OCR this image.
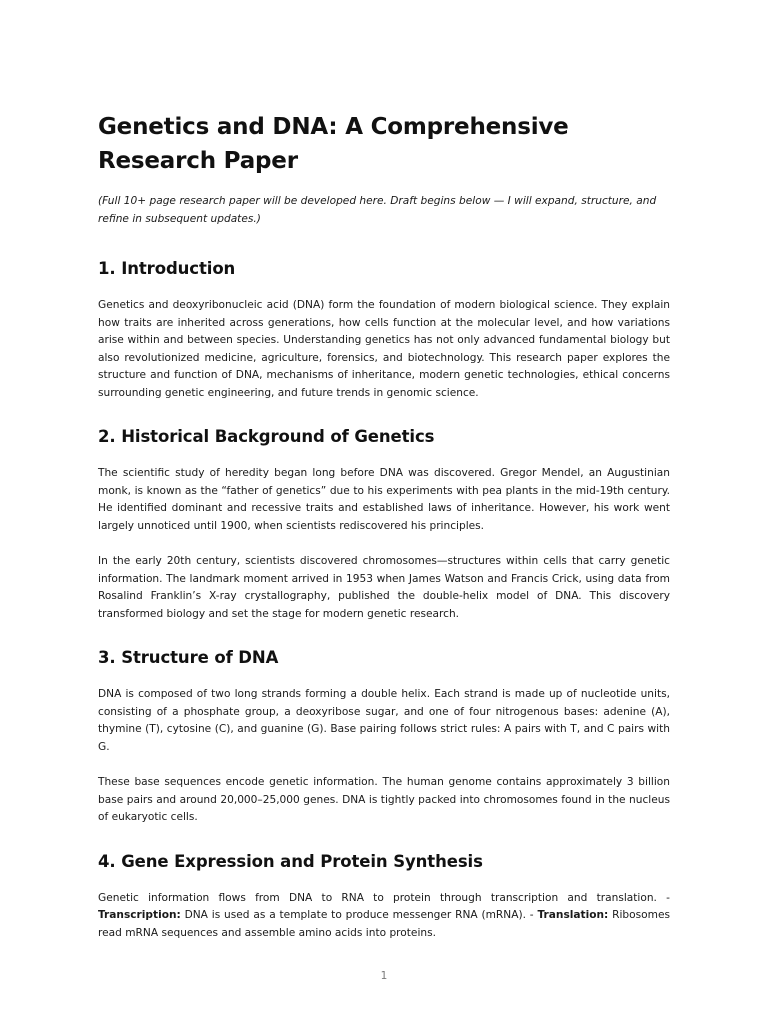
Genetics and DNA: A Comprehensive Research Paper

(Full 10+ page research paper will be developed here. Draft begins below — I will expand, structure, and refine in subsequent updates.)

1. Introduction

Genetics and deoxyribonucleic acid (DNA) form the foundation of modern biological science. They explain how traits are inherited across generations, how cells function at the molecular level, and how variations arise within and between species. Understanding genetics has not only advanced fundamental biology but also revolutionized medicine, agriculture, forensics, and biotechnology. This research paper explores the structure and function of DNA, mechanisms of inheritance, modern genetic technologies, ethical concerns surrounding genetic engineering, and future trends in genomic science.

2. Historical Background of Genetics

The scientific study of heredity began long before DNA was discovered. Gregor Mendel, an Augustinian monk, is known as the “father of genetics” due to his experiments with pea plants in the mid-19th century. He identified dominant and recessive traits and established laws of inheritance. However, his work went largely unnoticed until 1900, when scientists rediscovered his principles.

In the early 20th century, scientists discovered chromosomes—structures within cells that carry genetic information. The landmark moment arrived in 1953 when James Watson and Francis Crick, using data from Rosalind Franklin’s X-ray crystallography, published the double-helix model of DNA. This discovery transformed biology and set the stage for modern genetic research.

3. Structure of DNA

DNA is composed of two long strands forming a double helix. Each strand is made up of nucleotide units, consisting of a phosphate group, a deoxyribose sugar, and one of four nitrogenous bases: adenine (A), thymine (T), cytosine (C), and guanine (G). Base pairing follows strict rules: A pairs with T, and C pairs with G.

These base sequences encode genetic information. The human genome contains approximately 3 billion base pairs and around 20,000–25,000 genes. DNA is tightly packed into chromosomes found in the nucleus of eukaryotic cells.

4. Gene Expression and Protein Synthesis

Genetic information flows from DNA to RNA to protein through transcription and translation. - Transcription: DNA is used as a template to produce messenger RNA (mRNA). - Translation: Ribosomes read mRNA sequences and assemble amino acids into proteins.

1
